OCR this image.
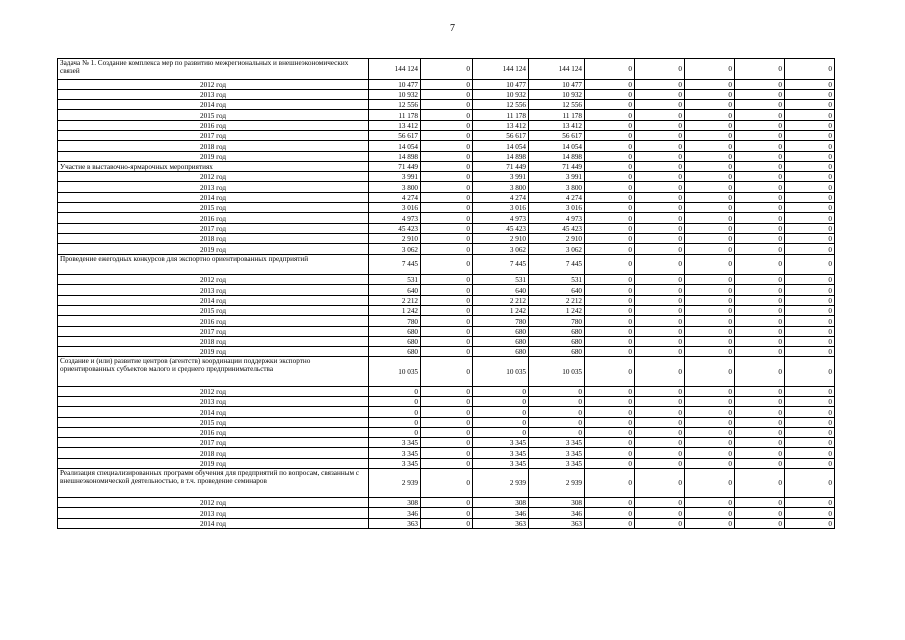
7
Задача № 1. Создание комплекса мер по развитию межрегиональных и внешнеэкономических связей	144 124	0	144 124	144 124	0	0	0	0	0
2012 год	10 477	0	10 477	10 477	0	0	0	0	0
2013 год	10 932	0	10 932	10 932	0	0	0	0	0
2014 год	12 556	0	12 556	12 556	0	0	0	0	0
2015 год	11 178	0	11 178	11 178	0	0	0	0	0
2016 год	13 412	0	13 412	13 412	0	0	0	0	0
2017 год	56 617	0	56 617	56 617	0	0	0	0	0
2018 год	14 054	0	14 054	14 054	0	0	0	0	0
2019 год	14 898	0	14 898	14 898	0	0	0	0	0
Участие в выставочно-ярмарочных мероприятиях	71 449	0	71 449	71 449	0	0	0	0	0
2012 год	3 991	0	3 991	3 991	0	0	0	0	0
2013 год	3 800	0	3 800	3 800	0	0	0	0	0
2014 год	4 274	0	4 274	4 274	0	0	0	0	0
2015 год	3 016	0	3 016	3 016	0	0	0	0	0
2016 год	4 973	0	4 973	4 973	0	0	0	0	0
2017 год	45 423	0	45 423	45 423	0	0	0	0	0
2018 год	2 910	0	2 910	2 910	0	0	0	0	0
2019 год	3 062	0	3 062	3 062	0	0	0	0	0
Проведение ежегодных конкурсов для экспортно ориентированных предприятий	7 445	0	7 445	7 445	0	0	0	0	0
2012 год	531	0	531	531	0	0	0	0	0
2013 год	640	0	640	640	0	0	0	0	0
2014 год	2 212	0	2 212	2 212	0	0	0	0	0
2015 год	1 242	0	1 242	1 242	0	0	0	0	0
2016 год	780	0	780	780	0	0	0	0	0
2017 год	680	0	680	680	0	0	0	0	0
2018 год	680	0	680	680	0	0	0	0	0
2019 год	680	0	680	680	0	0	0	0	0
Создание и (или) развитие центров (агентств) координации поддержки экспортно ориентированных субъектов малого и среднего предпринимательства	10 035	0	10 035	10 035	0	0	0	0	0
2012 год	0	0	0	0	0	0	0	0	0
2013 год	0	0	0	0	0	0	0	0	0
2014 год	0	0	0	0	0	0	0	0	0
2015 год	0	0	0	0	0	0	0	0	0
2016 год	0	0	0	0	0	0	0	0	0
2017 год	3 345	0	3 345	3 345	0	0	0	0	0
2018 год	3 345	0	3 345	3 345	0	0	0	0	0
2019 год	3 345	0	3 345	3 345	0	0	0	0	0
Реализация специализированных программ обучения для предприятий по вопросам, связанным с внешнеэкономической деятельностью, в т.ч. проведение семинаров	2 939	0	2 939	2 939	0	0	0	0	0
2012 год	308	0	308	308	0	0	0	0	0
2013 год	346	0	346	346	0	0	0	0	0
2014 год	363	0	363	363	0	0	0	0	0
